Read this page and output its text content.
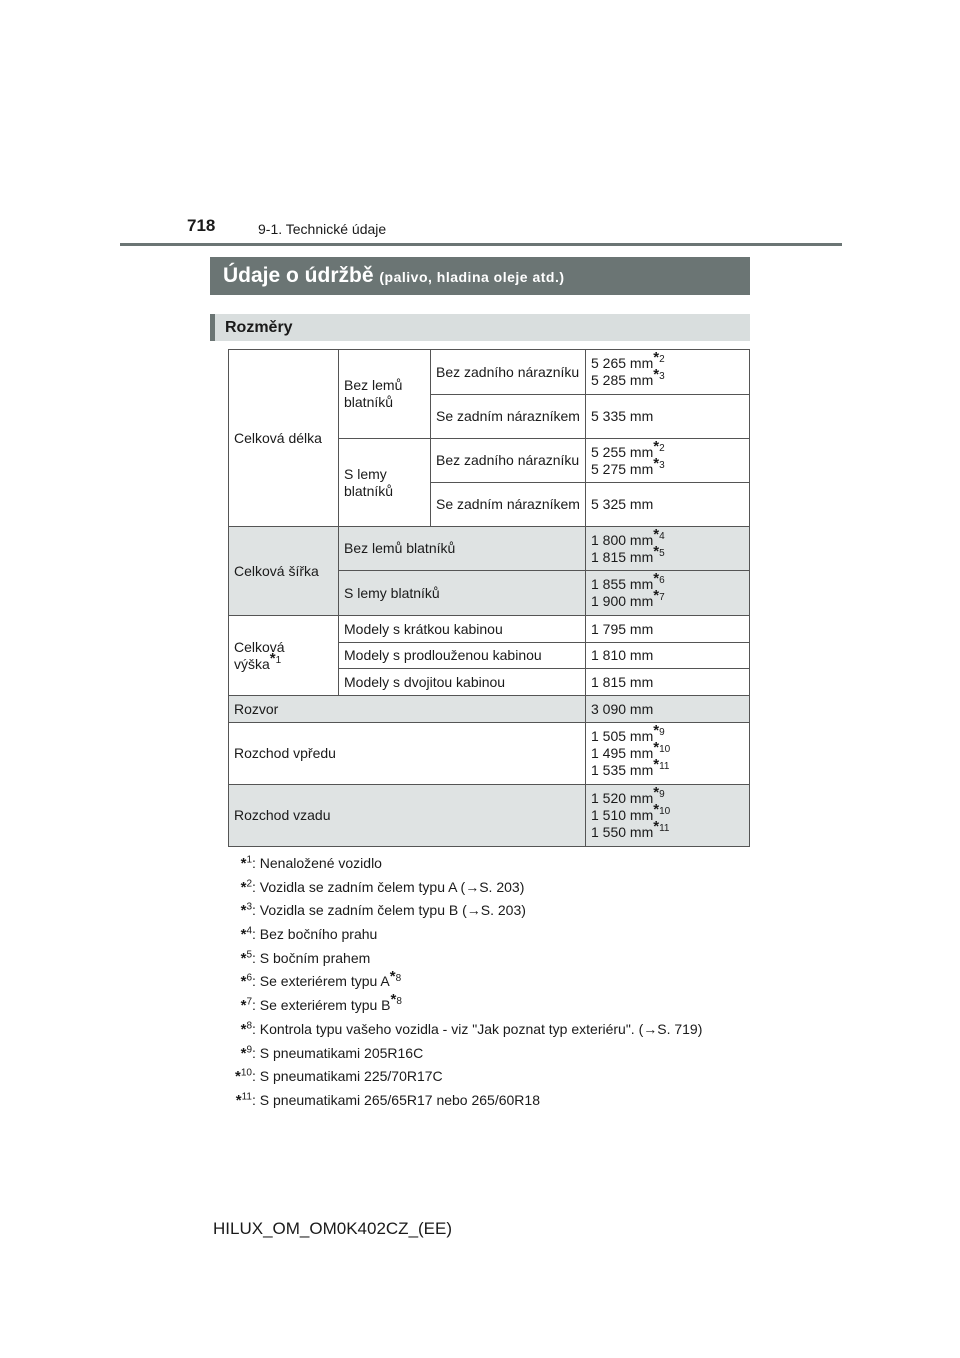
718	9-1. Technické údaje
Údaje o údržbě (palivo, hladina oleje atd.)
Rozměry
Celková délka	Bez lemů blatníků	Bez zadního nárazníku	5 265 $mm^{*2}$
5 285 $mm^{*3}$
		Se zadním nárazníkem	5 335 mm
	S lemy blatníků	Bez zadního nárazníku	5 255 $mm^{*2}$
5 275 $mm^{*3}$
		Se zadním nárazníkem	5 325 mm
Celková šířka	Bez lemů blatníků		1 800 $mm^{*4}$
1 815 $mm^{*5}$
	S lemy blatníků		1 855 $mm^{*6}$
1 900 $mm^{*7}$
Celková výška$^{*1}$	Modely s krátkou kabinou		1 795 mm
	Modely s prodlouženou kabinou		1 810 mm
	Modely s dvojitou kabinou		1 815 mm
Rozvor			3 090 mm
Rozchod vpředu			1 505 $mm^{*9}$
1 495 $mm^{*10}$
1 535 $mm^{*11}$
Rozchod vzadu			1 520 $mm^{*9}$
1 510 $mm^{*10}$
1 550 $mm^{*11}$
*$^1$: Nenaložené vozidlo
*$^2$: Vozidla se zadním čelem typu A (→S. 203)
*$^3$: Vozidla se zadním čelem typu B (→S. 203)
*$^4$: Bez bočního prahu
*$^5$: S bočním prahem
*$^6$: Se exteriérem typu $A^{*8}$
*$^7$: Se exteriérem typu $B^{*8}$
*$^8$: Kontrola typu vašeho vozidla - viz "Jak poznat typ exteriéru". (→S. 719)
*$^9$: S pneumatikami 205R16C
*$^{10}$: S pneumatikami 225/70R17C
*$^{11}$: S pneumatikami 265/65R17 nebo 265/60R18
HILUX_OM_OM0K402CZ_(EE)
